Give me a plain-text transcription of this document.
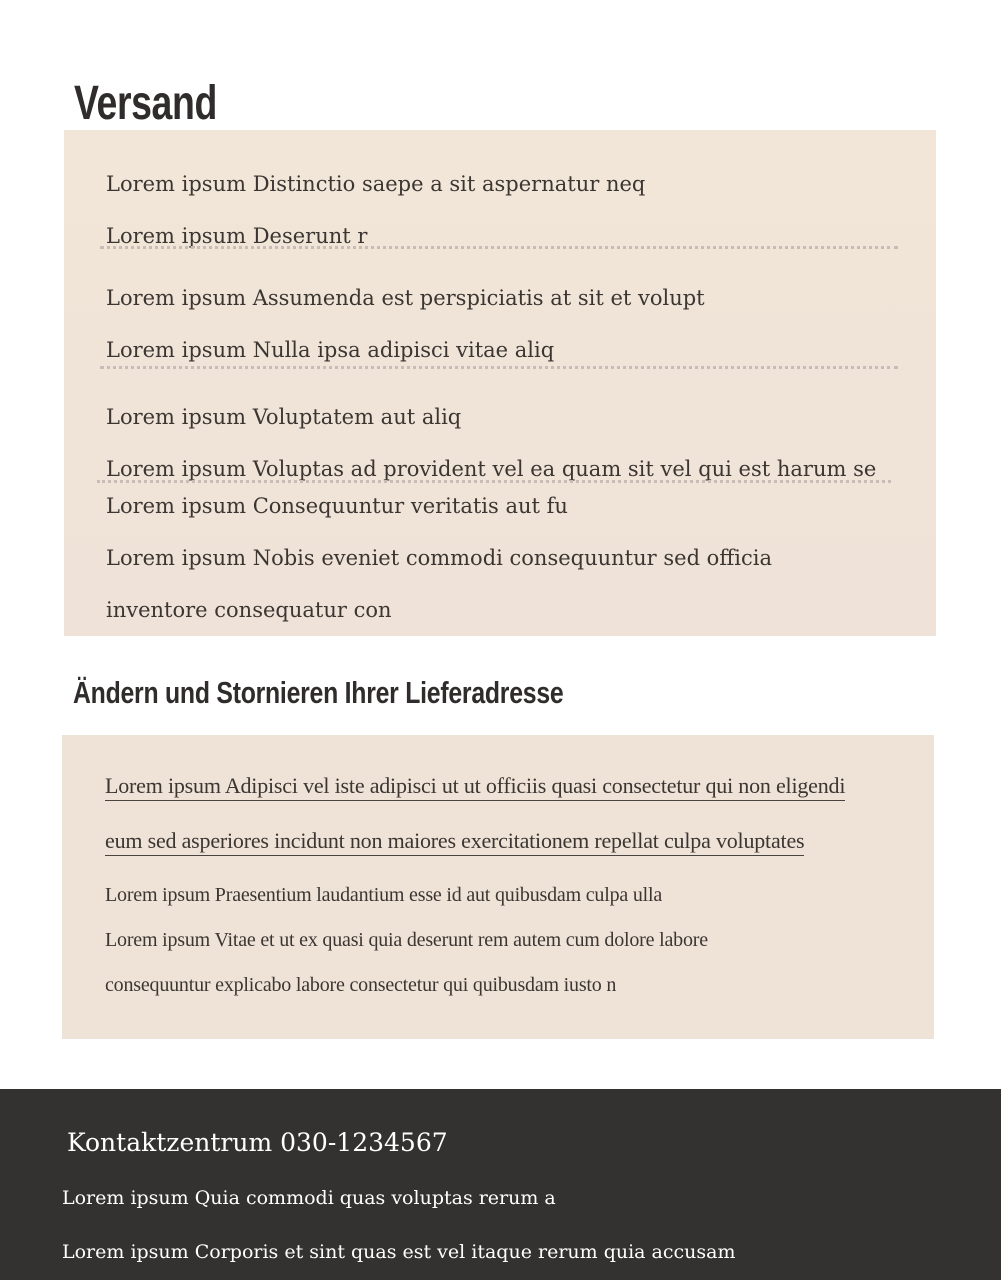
Versand

Lorem ipsum Distinctio saepe a sit aspernatur neq

Lorem ipsum Deserunt r

Lorem ipsum Assumenda est perspiciatis at sit et volupt

Lorem ipsum Nulla ipsa adipisci vitae aliq

Lorem ipsum Voluptatem aut aliq

Lorem ipsum Voluptas ad provident vel ea quam sit vel qui est harum se

Lorem ipsum Consequuntur veritatis aut fu

Lorem ipsum Nobis eveniet commodi consequuntur sed officia

inventore consequatur con

Ändern und Stornieren Ihrer Lieferadresse
Lorem ipsum Adipisci vel iste adipisci ut ut officiis quasi consectetur qui non eligendi
eum sed asperiores incidunt non maiores exercitationem repellat culpa voluptates

Lorem ipsum Praesentium laudantium esse id aut quibusdam culpa ulla

Lorem ipsum Vitae et ut ex quasi quia deserunt rem autem cum dolore labore

consequuntur explicabo labore consectetur qui quibusdam iusto n

Kontaktzentrum 030-1234567

Lorem ipsum Quia commodi quas voluptas rerum a

Lorem ipsum Corporis et sint quas est vel itaque rerum quia accusam
